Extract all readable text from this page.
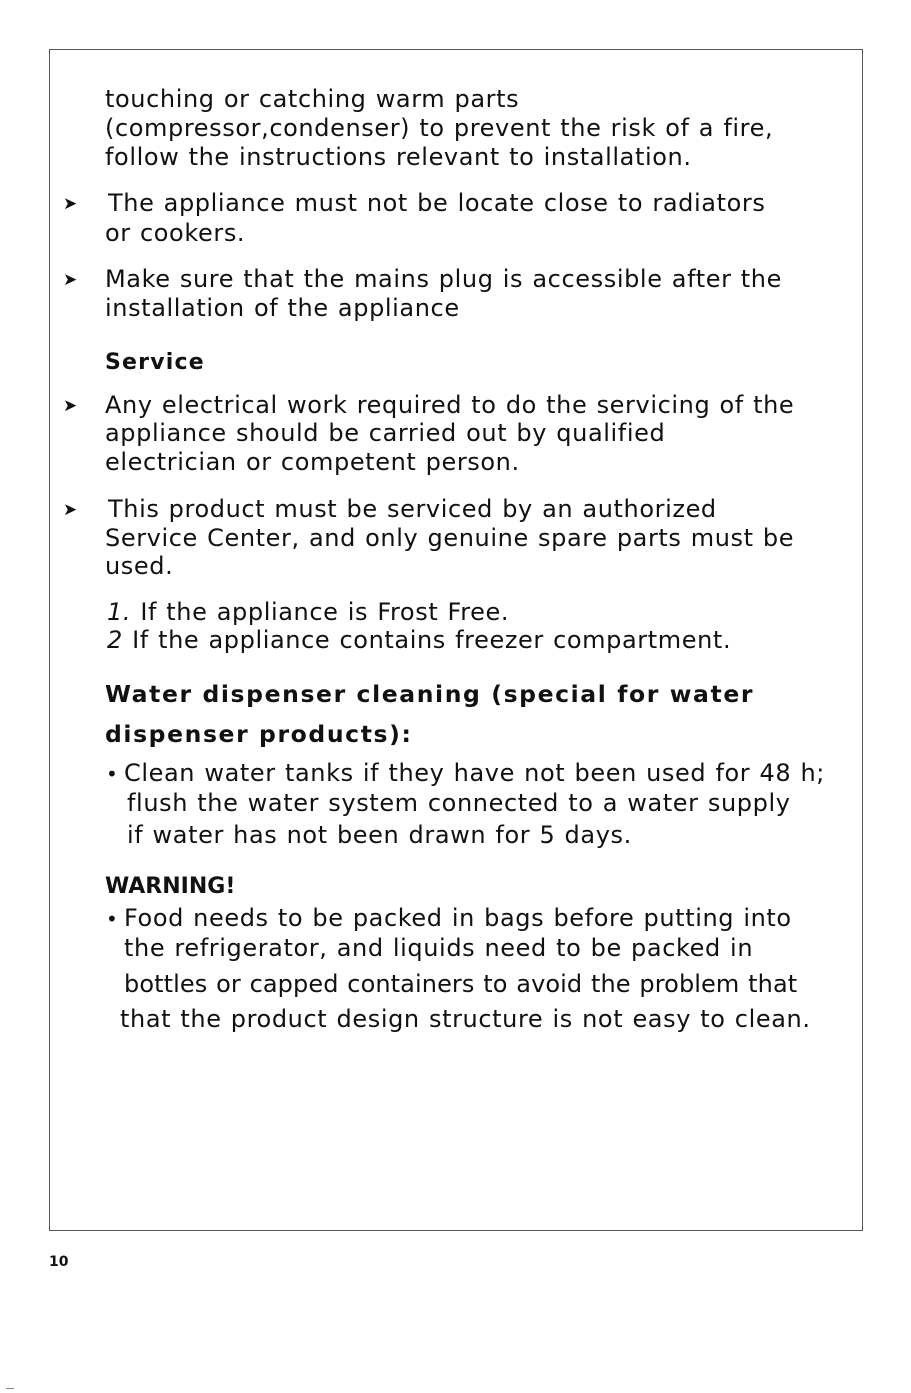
touching or catching warm parts
(compressor,condenser) to prevent the risk of a fire,
follow the instructions relevant to installation.
➤ The appliance must not be locate close to radiators
or cookers.
➤ Make sure that the mains plug is accessible after the
installation of the appliance
Service
➤ Any electrical work required to do the servicing of the
appliance should be carried out by qualified
electrician or competent person.
➤ This product must be serviced by an authorized
Service Center, and only genuine spare parts must be
used.
1. If the appliance is Frost Free.
2 If the appliance contains freezer compartment.
Water dispenser cleaning (special for water
dispenser products):
• Clean water tanks if they have not been used for 48 h;
flush the water system connected to a water supply
if water has not been drawn for 5 days.
WARNING!
• Food needs to be packed in bags before putting into
the refrigerator, and liquids need to be packed in
bottles or capped containers to avoid the problem that
that the product design structure is not easy to clean.
10
